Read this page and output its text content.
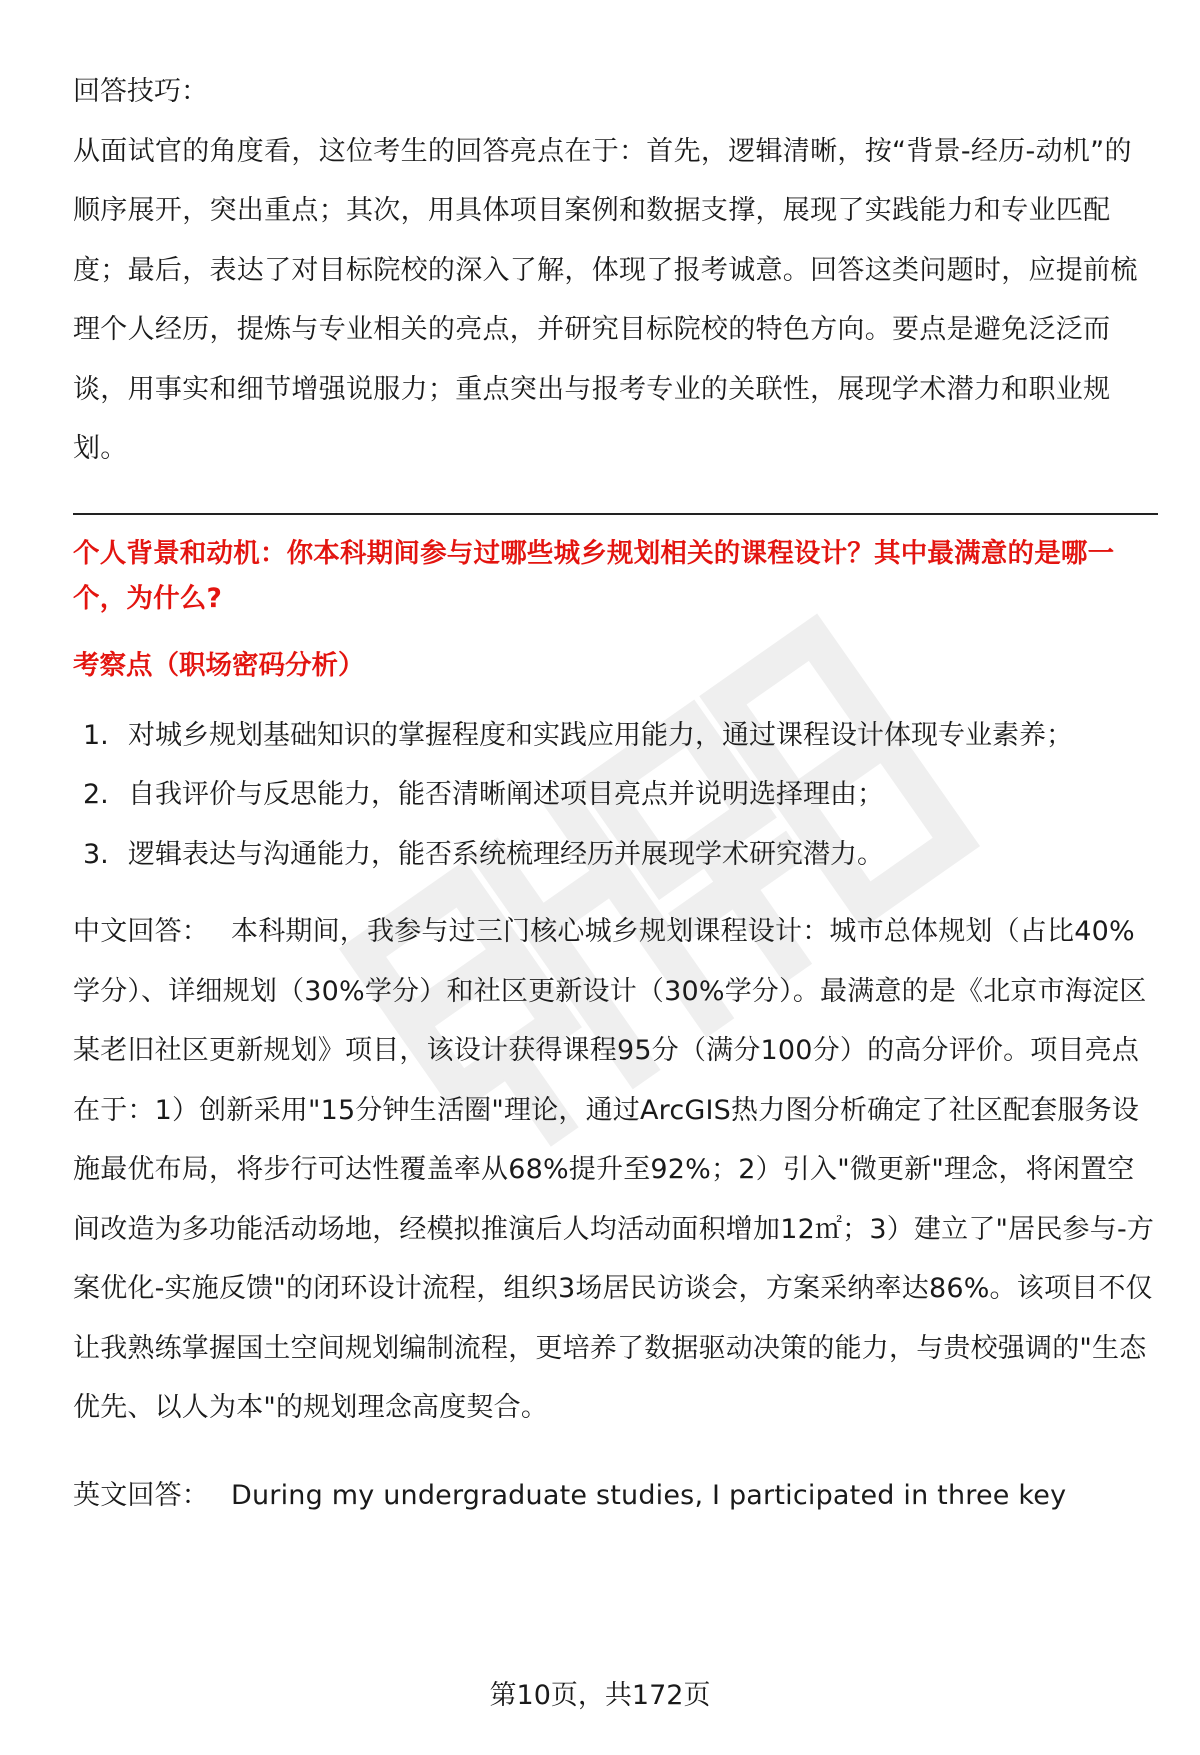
回答技巧：

从面试官的角度看，这位考生的回答亮点在于：首先，逻辑清晰，按“背景-经历-动机”的顺序展开，突出重点；其次，用具体项目案例和数据支撑，展现了实践能力和专业匹配度；最后，表达了对目标院校的深入了解，体现了报考诚意。回答这类问题时，应提前梳理个人经历，提炼与专业相关的亮点，并研究目标院校的特色方向。要点是避免泛泛而谈，用事实和细节增强说服力；重点突出与报考专业的关联性，展现学术潜力和职业规划。

个人背景和动机：你本科期间参与过哪些城乡规划相关的课程设计？其中最满意的是哪一个，为什么?

考察点（职场密码分析）

1. 对城乡规划基础知识的掌握程度和实践应用能力，通过课程设计体现专业素养；
2. 自我评价与反思能力，能否清晰阐述项目亮点并说明选择理由；
3. 逻辑表达与沟通能力，能否系统梳理经历并展现学术研究潜力。

中文回答： 本科期间，我参与过三门核心城乡规划课程设计：城市总体规划（占比40%学分）、详细规划（30%学分）和社区更新设计（30%学分）。最满意的是《北京市海淀区某老旧社区更新规划》项目，该设计获得课程95分（满分100分）的高分评价。项目亮点在于：1）创新采用"15分钟生活圈"理论，通过ArcGIS热力图分析确定了社区配套服务设施最优布局，将步行可达性覆盖率从68%提升至92%；2）引入"微更新"理念，将闲置空间改造为多功能活动场地，经模拟推演后人均活动面积增加12㎡；3）建立了"居民参与-方案优化-实施反馈"的闭环设计流程，组织3场居民访谈会，方案采纳率达86%。该项目不仅让我熟练掌握国土空间规划编制流程，更培养了数据驱动决策的能力，与贵校强调的"生态优先、以人为本"的规划理念高度契合。

英文回答： During my undergraduate studies, I participated in three key

第10页，共172页
